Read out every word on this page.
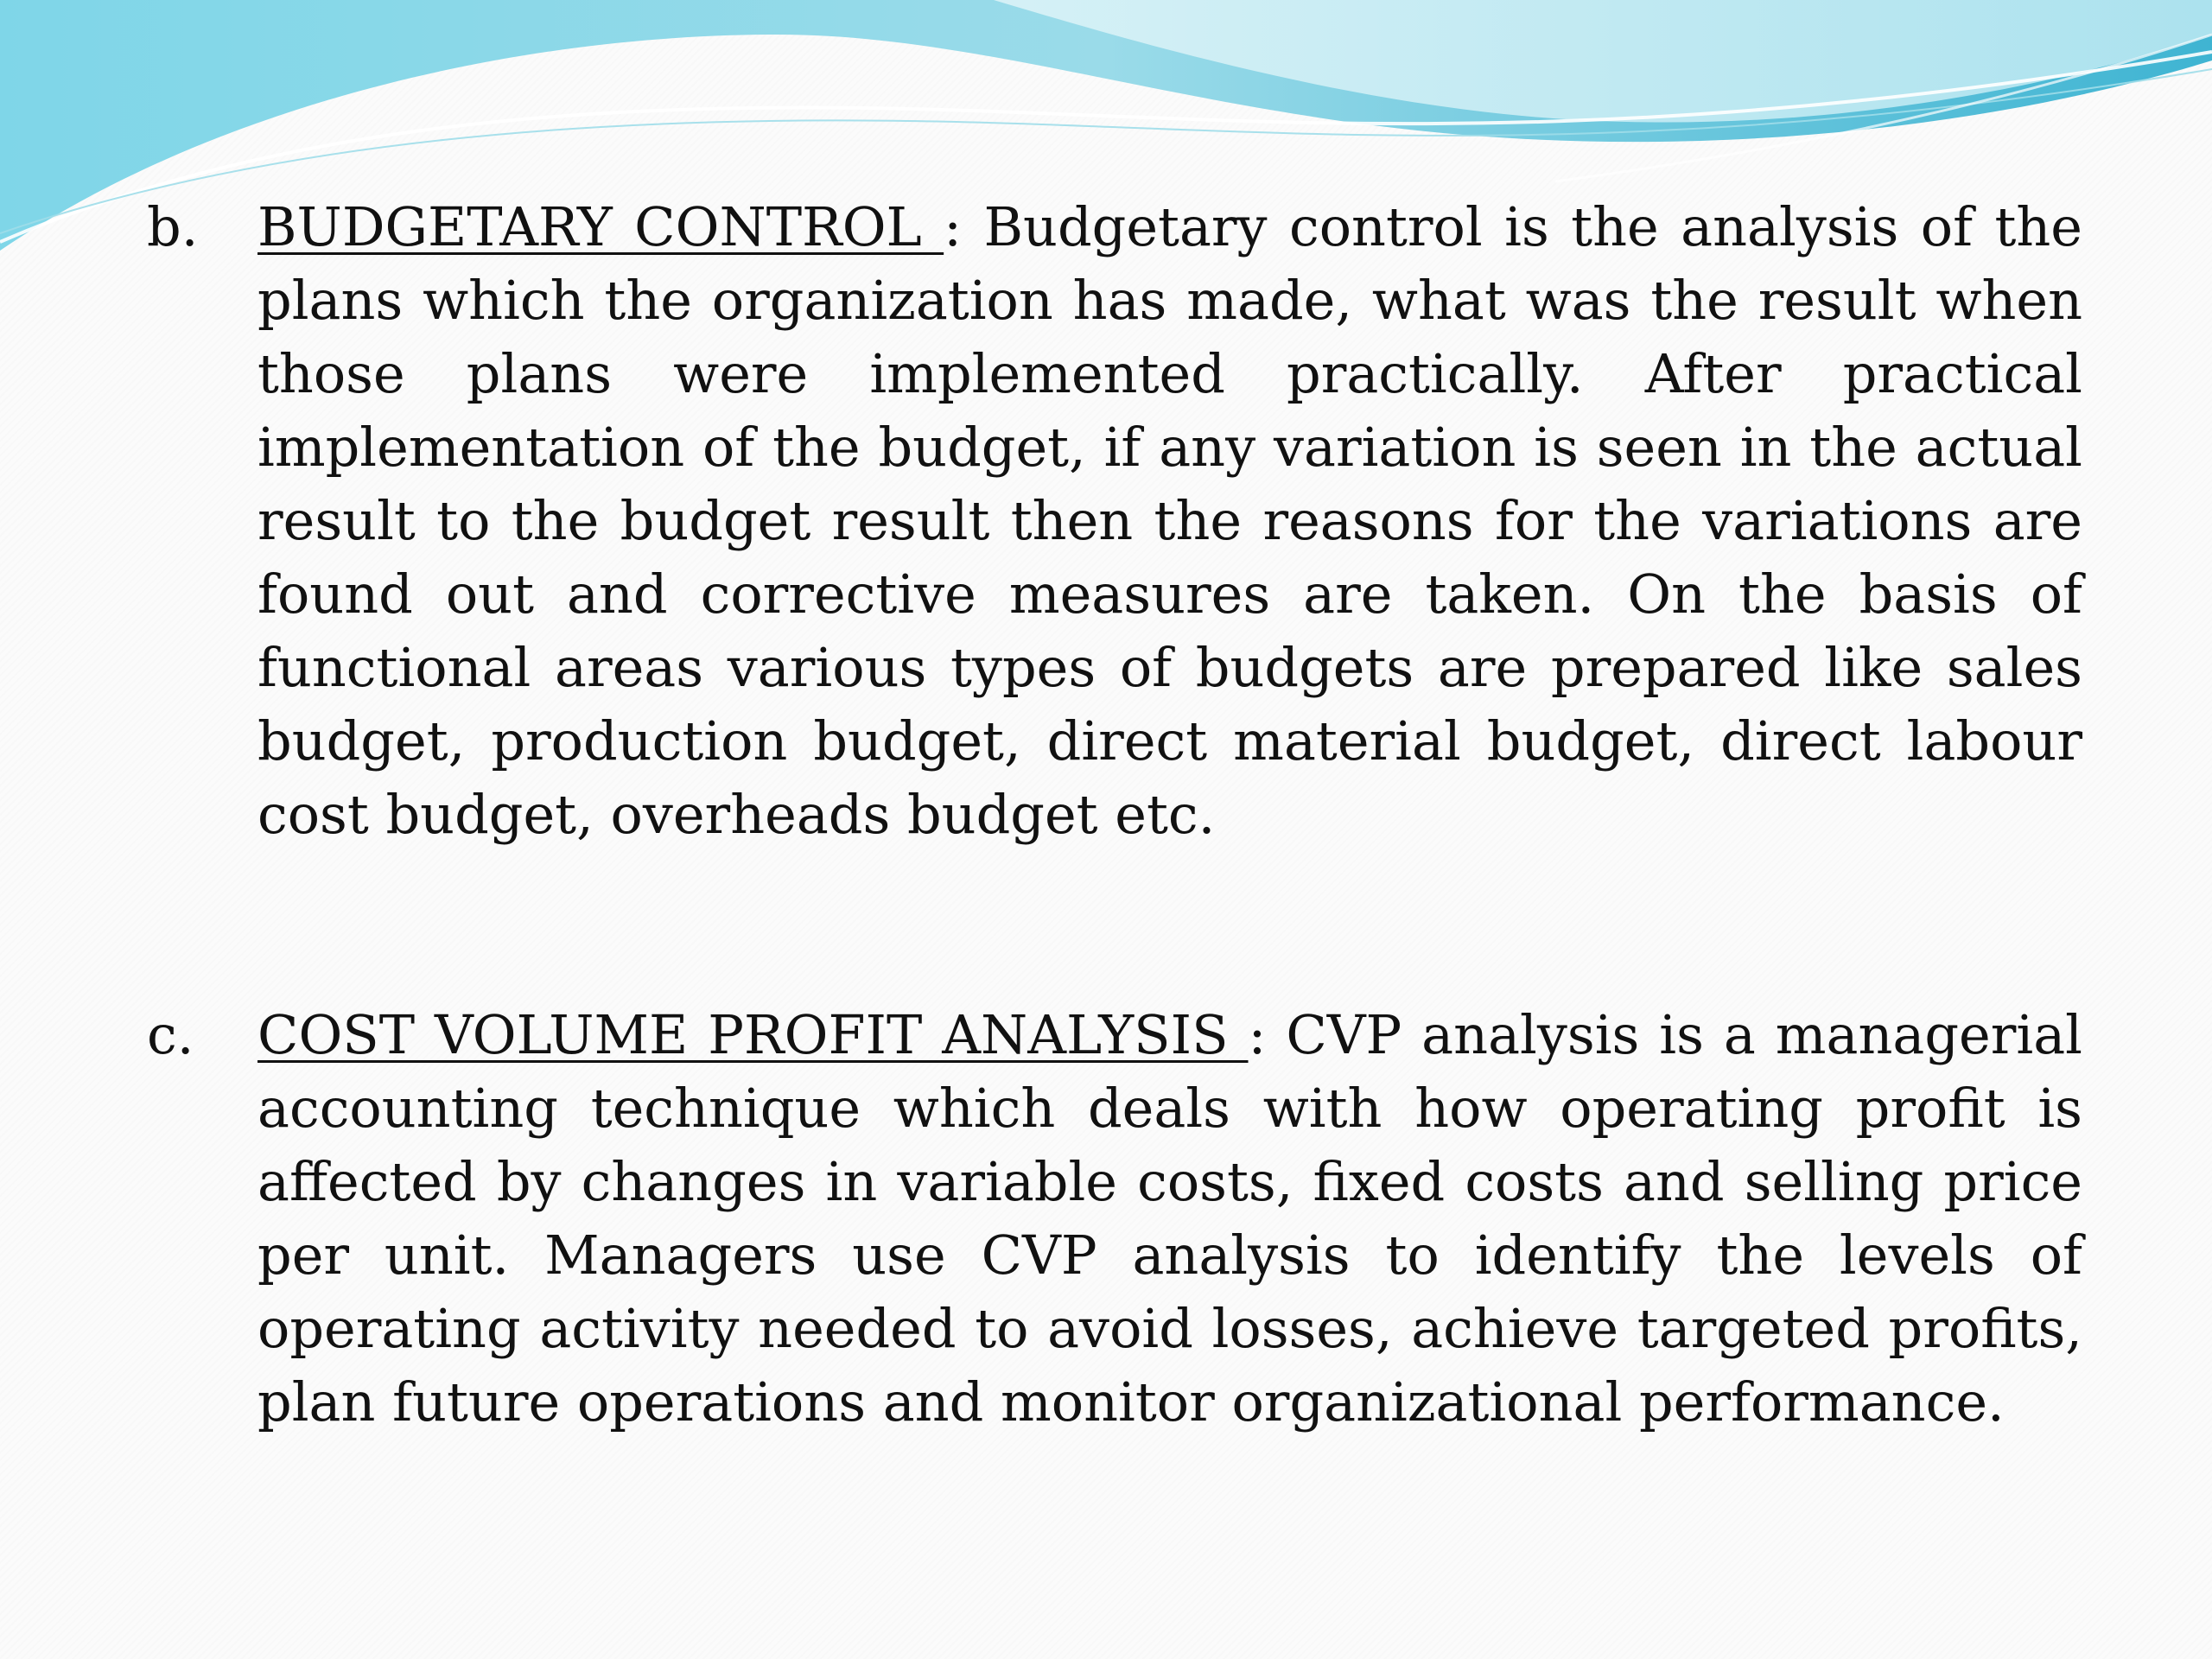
b. BUDGETARY CONTROL : Budgetary control is the analysis of the plans which the organization has made, what was the result when those plans were implemented practically. After practical implementation of the budget, if any variation is seen in the actual result to the budget result then the reasons for the variations are found out and corrective measures are taken. On the basis of functional areas various types of budgets are prepared like sales budget, production budget, direct material budget, direct labour cost budget, overheads budget etc.

c. COST VOLUME PROFIT ANALYSIS : CVP analysis is a managerial accounting technique which deals with how operating profit is affected by changes in variable costs, fixed costs and selling price per unit. Managers use CVP analysis to identify the levels of operating activity needed to avoid losses, achieve targeted profits, plan future operations and monitor organizational performance.
